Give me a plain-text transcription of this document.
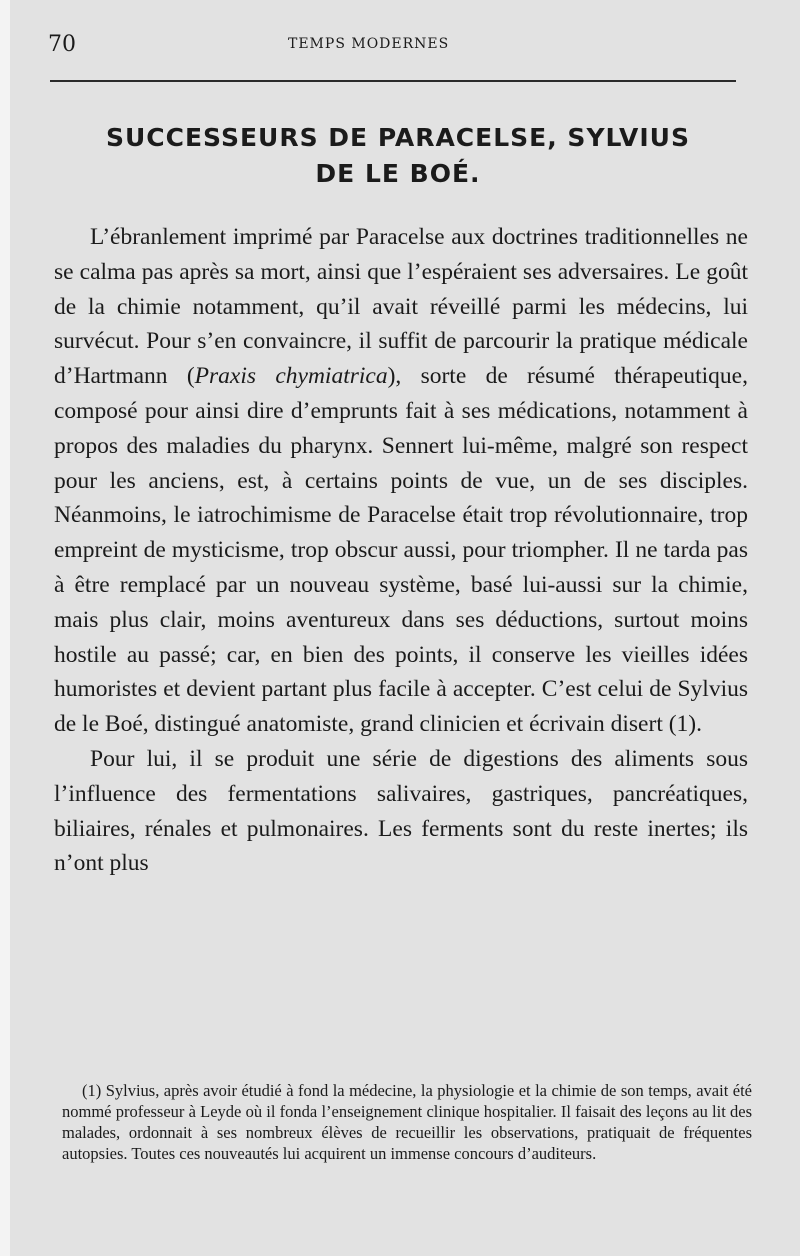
70	TEMPS MODERNES
SUCCESSEURS DE PARACELSE, SYLVIUS
DE LE BOÉ.

L’ébranlement imprimé par Paracelse aux doctrines traditionnelles ne se calma pas après sa mort, ainsi que l’espéraient ses adversaires. Le goût de la chimie notamment, qu’il avait réveillé parmi les médecins, lui survécut. Pour s’en convaincre, il suffit de parcourir la pratique médicale d’Hartmann (Praxis chymiatrica), sorte de résumé thérapeutique, composé pour ainsi dire d’emprunts fait à ses médications, notamment à propos des maladies du pharynx. Sennert lui-même, malgré son respect pour les anciens, est, à certains points de vue, un de ses disciples. Néanmoins, le iatrochimisme de Paracelse était trop révolutionnaire, trop empreint de mysticisme, trop obscur aussi, pour triompher. Il ne tarda pas à être remplacé par un nouveau système, basé lui-aussi sur la chimie, mais plus clair, moins aventureux dans ses déductions, surtout moins hostile au passé; car, en bien des points, il conserve les vieilles idées humoristes et devient partant plus facile à accepter. C’est celui de Sylvius de le Boé, distingué anatomiste, grand clinicien et écrivain disert (1).

Pour lui, il se produit une série de digestions des aliments sous l’influence des fermentations salivaires, gastriques, pancréatiques, biliaires, rénales et pulmonaires. Les ferments sont du reste inertes; ils n’ont plus

(1) Sylvius, après avoir étudié à fond la médecine, la physiologie et la chimie de son temps, avait été nommé professeur à Leyde où il fonda l’enseignement clinique hospitalier. Il faisait des leçons au lit des malades, ordonnait à ses nombreux élèves de recueillir les observations, pratiquait de fréquentes autopsies. Toutes ces nouveautés lui acquirent un immense concours d’auditeurs.
